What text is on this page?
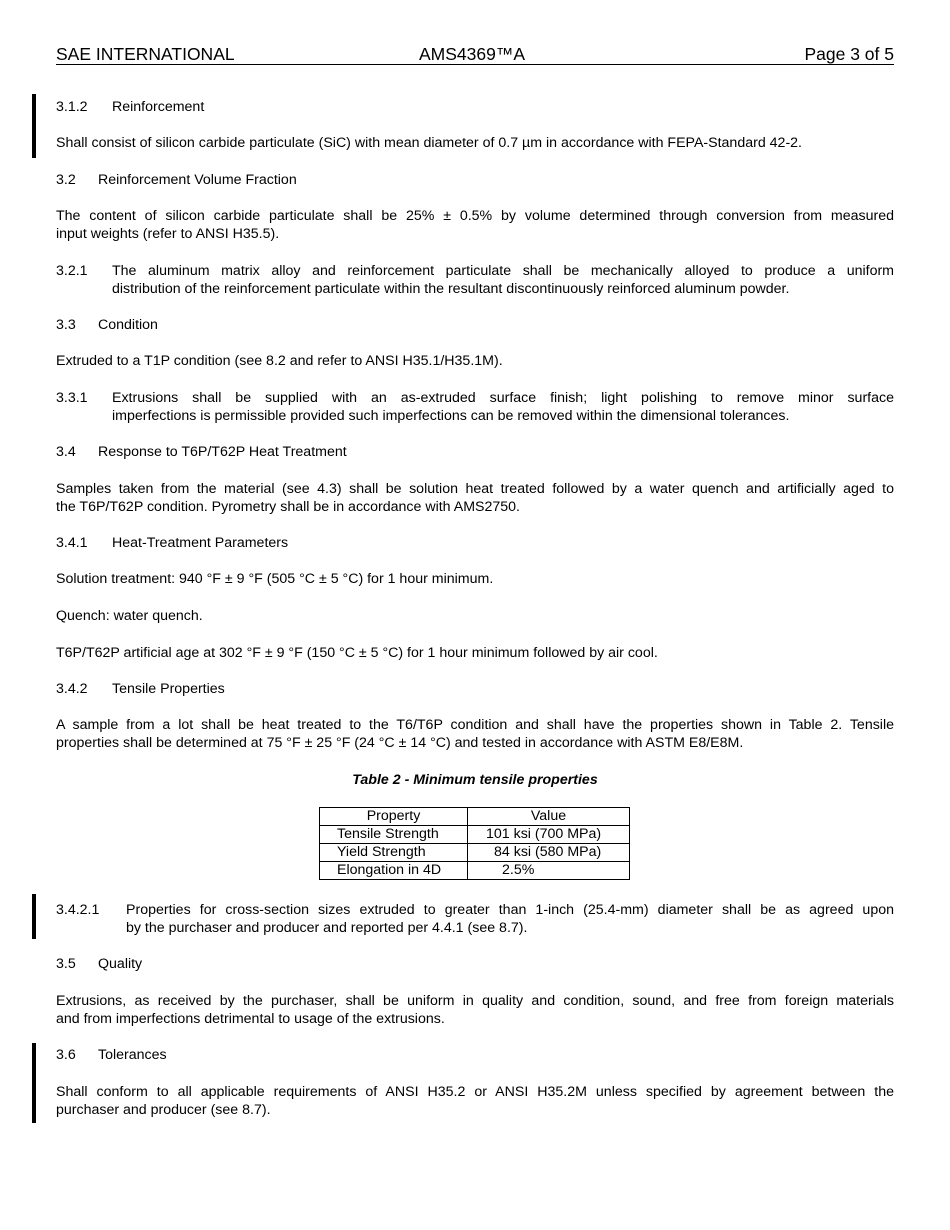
SAE INTERNATIONAL	AMS4369™A	Page 3 of 5
3.1.2 Reinforcement
Shall consist of silicon carbide particulate (SiC) with mean diameter of 0.7 µm in accordance with FEPA-Standard 42-2.
3.2 Reinforcement Volume Fraction
The content of silicon carbide particulate shall be 25% ± 0.5% by volume determined through conversion from measured
input weights (refer to ANSI H35.5).
3.2.1 The aluminum matrix alloy and reinforcement particulate shall be mechanically alloyed to produce a uniform
distribution of the reinforcement particulate within the resultant discontinuously reinforced aluminum powder.
3.3 Condition
Extruded to a T1P condition (see 8.2 and refer to ANSI H35.1/H35.1M).
3.3.1 Extrusions shall be supplied with an as-extruded surface finish; light polishing to remove minor surface
imperfections is permissible provided such imperfections can be removed within the dimensional tolerances.
3.4 Response to T6P/T62P Heat Treatment
Samples taken from the material (see 4.3) shall be solution heat treated followed by a water quench and artificially aged to
the T6P/T62P condition. Pyrometry shall be in accordance with AMS2750.
3.4.1 Heat-Treatment Parameters
Solution treatment: 940 °F ± 9 °F (505 °C ± 5 °C) for 1 hour minimum.
Quench: water quench.
T6P/T62P artificial age at 302 °F ± 9 °F (150 °C ± 5 °C) for 1 hour minimum followed by air cool.
3.4.2 Tensile Properties
A sample from a lot shall be heat treated to the T6/T6P condition and shall have the properties shown in Table 2. Tensile
properties shall be determined at 75 °F ± 25 °F (24 °C ± 14 °C) and tested in accordance with ASTM E8/E8M.
Table 2 - Minimum tensile properties
Property	Value
Tensile Strength	101 ksi (700 MPa)
Yield Strength	84 ksi (580 MPa)
Elongation in 4D	2.5%
3.4.2.1 Properties for cross-section sizes extruded to greater than 1-inch (25.4-mm) diameter shall be as agreed upon
by the purchaser and producer and reported per 4.4.1 (see 8.7).
3.5 Quality
Extrusions, as received by the purchaser, shall be uniform in quality and condition, sound, and free from foreign materials
and from imperfections detrimental to usage of the extrusions.
3.6 Tolerances
Shall conform to all applicable requirements of ANSI H35.2 or ANSI H35.2M unless specified by agreement between the
purchaser and producer (see 8.7).
